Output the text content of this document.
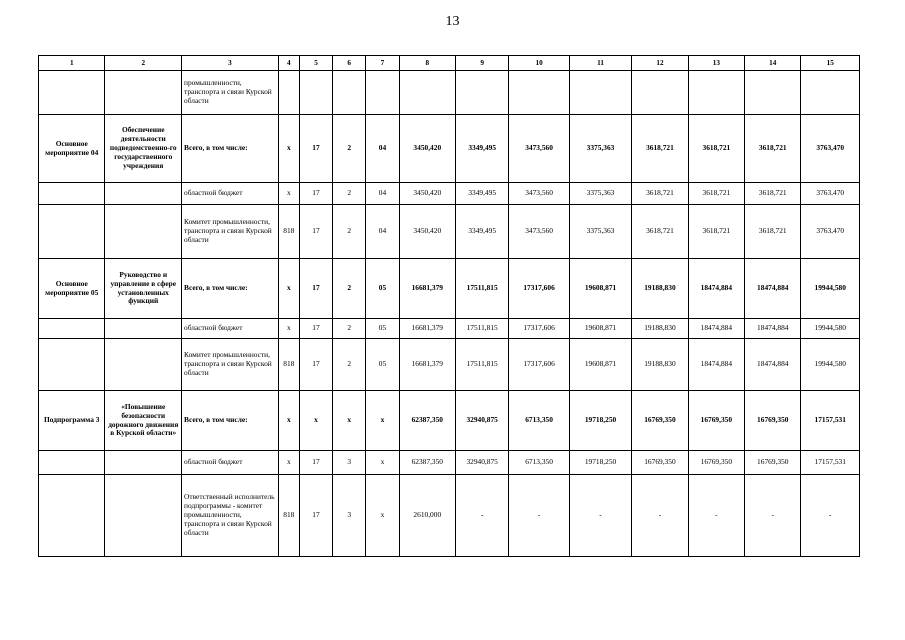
13
1	2	3	4	5	6	7	8	9	10	11	12	13	14	15
		промышленности, транспорта и связи Курской области												
Основное мероприятие 04	Обеспечение деятельности подведомственно-го государственного учреждения	Всего, в том числе:	х	17	2	04	3450,420	3349,495	3473,560	3375,363	3618,721	3618,721	3618,721	3763,470
		областной бюджет	х	17	2	04	3450,420	3349,495	3473,560	3375,363	3618,721	3618,721	3618,721	3763,470
		Комитет промышленности, транспорта и связи Курской области	818	17	2	04	3450,420	3349,495	3473,560	3375,363	3618,721	3618,721	3618,721	3763,470
Основное мероприятие 05	Руководство и управление в сфере установленных функций	Всего, в том числе:	х	17	2	05	16681,379	17511,815	17317,606	19608,871	19188,830	18474,884	18474,884	19944,580
		областной бюджет	х	17	2	05	16681,379	17511,815	17317,606	19608,871	19188,830	18474,884	18474,884	19944,580
		Комитет промышленности, транспорта и связи Курской области	818	17	2	05	16681,379	17511,815	17317,606	19608,871	19188,830	18474,884	18474,884	19944,580
Подпрограмма 3	«Повышение безопасности дорожного движения в Курской области»	Всего, в том числе:	х	х	х	х	62387,350	32940,875	6713,350	19718,250	16769,350	16769,350	16769,350	17157,531
		областной бюджет	х	17	3	х	62387,350	32940,875	6713,350	19718,250	16769,350	16769,350	16769,350	17157,531
		Ответственный исполнитель подпрограммы - комитет промышленности, транспорта и связи Курской области	818	17	3	х	2610,000	-	-	-	-	-	-	-
